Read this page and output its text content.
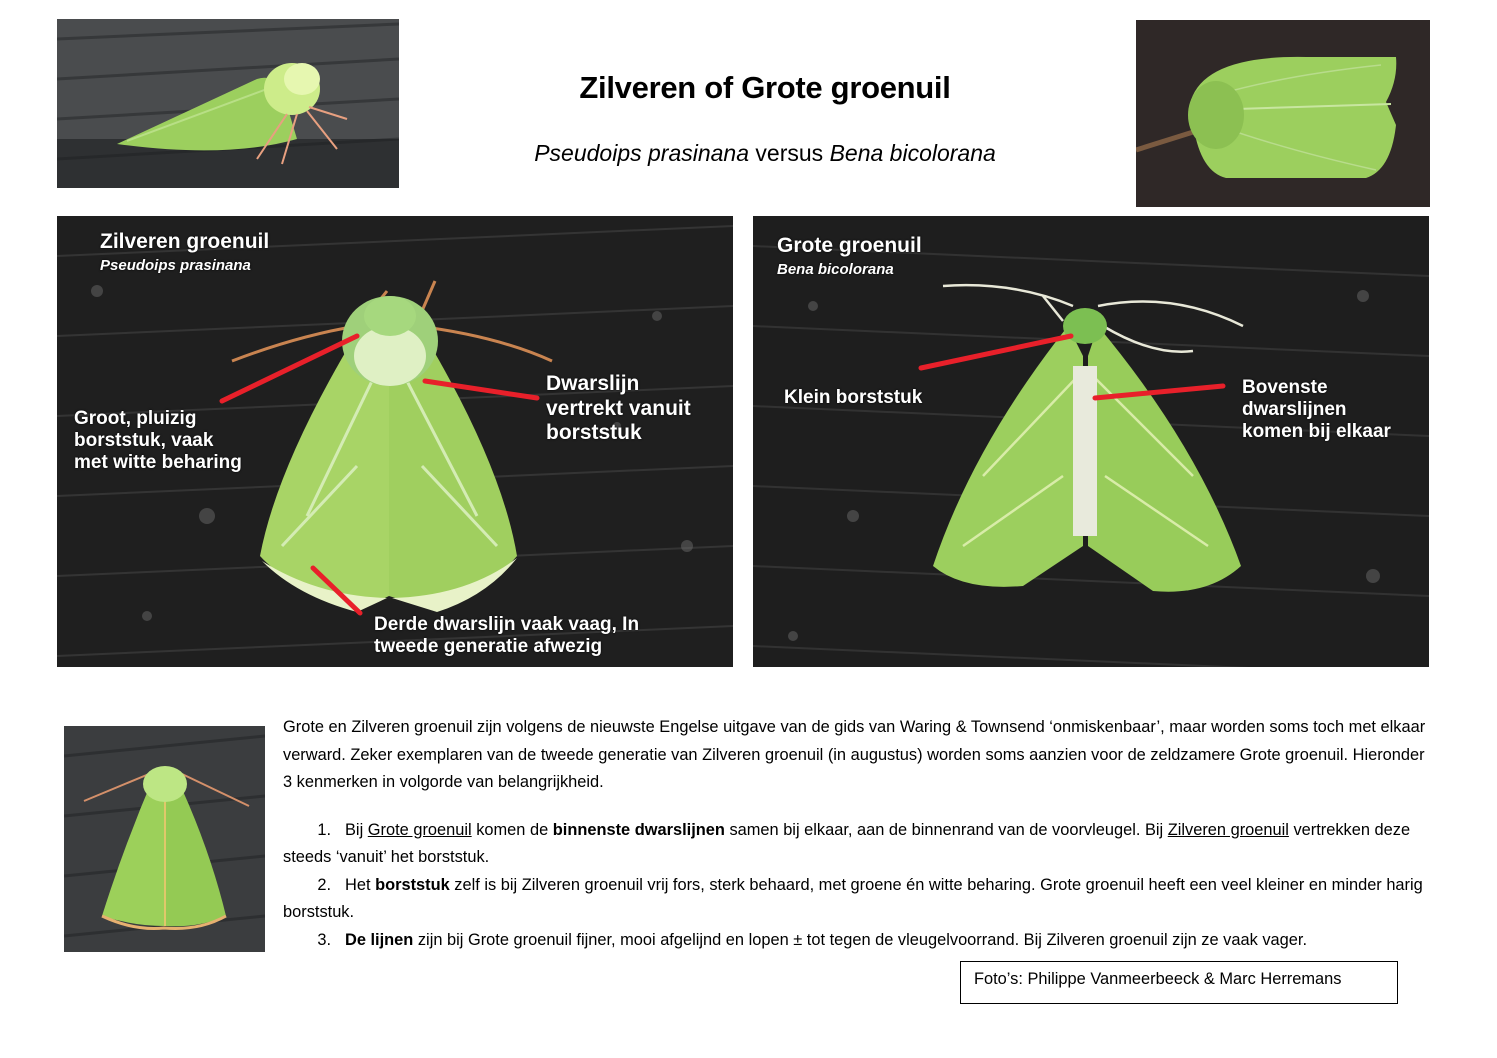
Zilveren of Grote groenuil
Pseudoips prasinana versus Bena bicolorana
Zilveren groenuil
Pseudoips prasinana
Groot, pluizig
borststuk, vaak
met witte beharing
Dwarslijn
vertrekt vanuit
borststuk
Derde dwarslijn vaak vaag, In
tweede generatie afwezig
Grote groenuil
Bena bicolorana
Klein borststuk	Bovenste
dwarslijnen
komen bij elkaar

Grote en Zilveren groenuil zijn volgens de nieuwste Engelse uitgave van de gids van Waring & Townsend ‘onmiskenbaar’, maar worden soms toch met elkaar verward. Zeker exemplaren van de tweede generatie van Zilveren groenuil (in augustus) worden soms aanzien voor de zeldzamere Grote groenuil. Hieronder 3 kenmerken in volgorde van belangrijkheid.

1. Bij Grote groenuil komen de binnenste dwarslijnen samen bij elkaar, aan de binnenrand van de voorvleugel. Bij Zilveren groenuil vertrekken deze steeds ‘vanuit’ het borststuk.

2. Het borststuk zelf is bij Zilveren groenuil vrij fors, sterk behaard, met groene én witte beharing. Grote groenuil heeft een veel kleiner en minder harig borststuk.

3. De lijnen zijn bij Grote groenuil fijner, mooi afgelijnd en lopen ± tot tegen de vleugelvoorrand. Bij Zilveren groenuil zijn ze vaak vager.

Foto’s: Philippe Vanmeerbeeck & Marc Herremans
